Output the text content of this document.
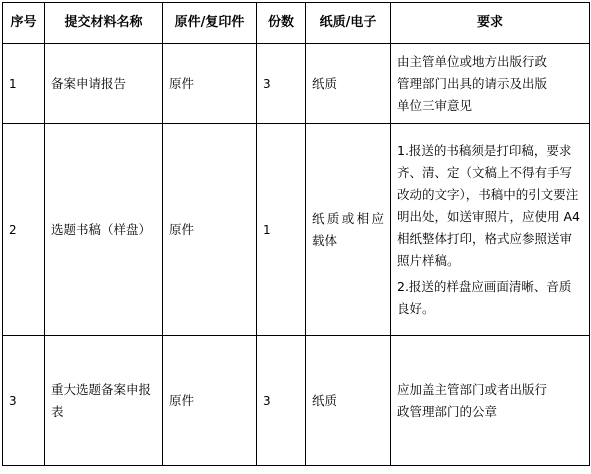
序号	提交材料名称	原件/复印件	份数	纸质/电子	要求
1	备案申请报告	原件	3	纸质	由主管单位或地方出版行政
管理部门出具的请示及出版
单位三审意见

2	选题书稿（样盘）	原件	1	纸质或相应载体	1.报送的书稿须是打印稿，要求齐、清、定（文稿上不得有手写改动的文字），书稿中的引文要注明出处，如送审照片，应使用 A4 相纸整体打印，格式应参照送审照片样稿。
2.报送的样盘应画面清晰、音质良好。

3	重大选题备案申报表	原件	3	纸质	应加盖主管部门或者出版行
政管理部门的公章
